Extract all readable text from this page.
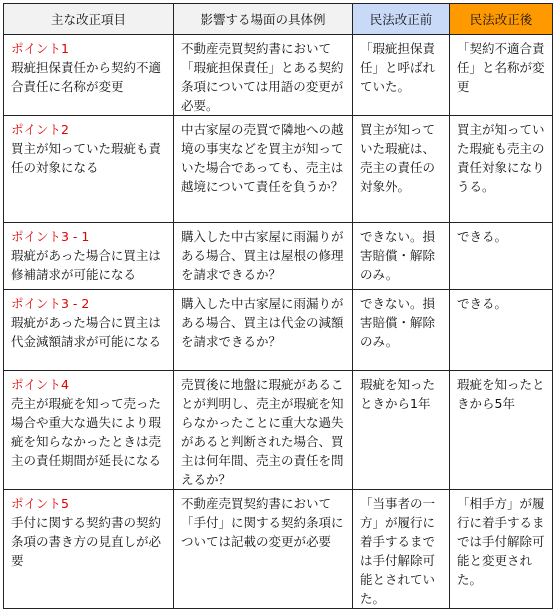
主な改正項目	影響する場面の具体例	民法改正前	民法改正後

ポイント1
瑕疵担保責任から契約不適合責任に名称が変更	不動産売買契約書において「瑕疵担保責任」とある契約条項については用語の変更が必要。	「瑕疵担保責任」と呼ばれていた。	「契約不適合責任」と名称が変更

ポイント2
買主が知っていた瑕疵も責任の対象になる	中古家屋の売買で隣地への越境の事実などを買主が知っていた場合であっても、売主は越境について責任を負うか？	買主が知っていた瑕疵は、売主の責任の対象外。	買主が知っていた瑕疵も売主の責任対象になりうる。

ポイント3 - 1
瑕疵があった場合に買主は修補請求が可能になる	購入した中古家屋に雨漏りがある場合、買主は屋根の修理を請求できるか？	できない。損害賠償・解除のみ。	できる。

ポイント3 - 2
瑕疵があった場合に買主は代金減額請求が可能になる	購入した中古家屋に雨漏りがある場合、買主は代金の減額を請求できるか？	できない。損害賠償・解除のみ。	できる。

ポイント4
売主が瑕疵を知って売った場合や重大な過失により瑕疵を知らなかったときは売主の責任期間が延長になる	売買後に地盤に瑕疵があることが判明し、売主が瑕疵を知らなかったことに重大な過失があると判断された場合、買主は何年間、売主の責任を問えるか？	瑕疵を知ったときから1年	瑕疵を知ったときから5年

ポイント5
手付に関する契約書の契約条項の書き方の見直しが必要	不動産売買契約書において「手付」に関する契約条項については記載の変更が必要	「当事者の一方」が履行に着手するまでは手付解除可能とされていた。	「相手方」が履行に着手するまでは手付解除可能と変更された。
